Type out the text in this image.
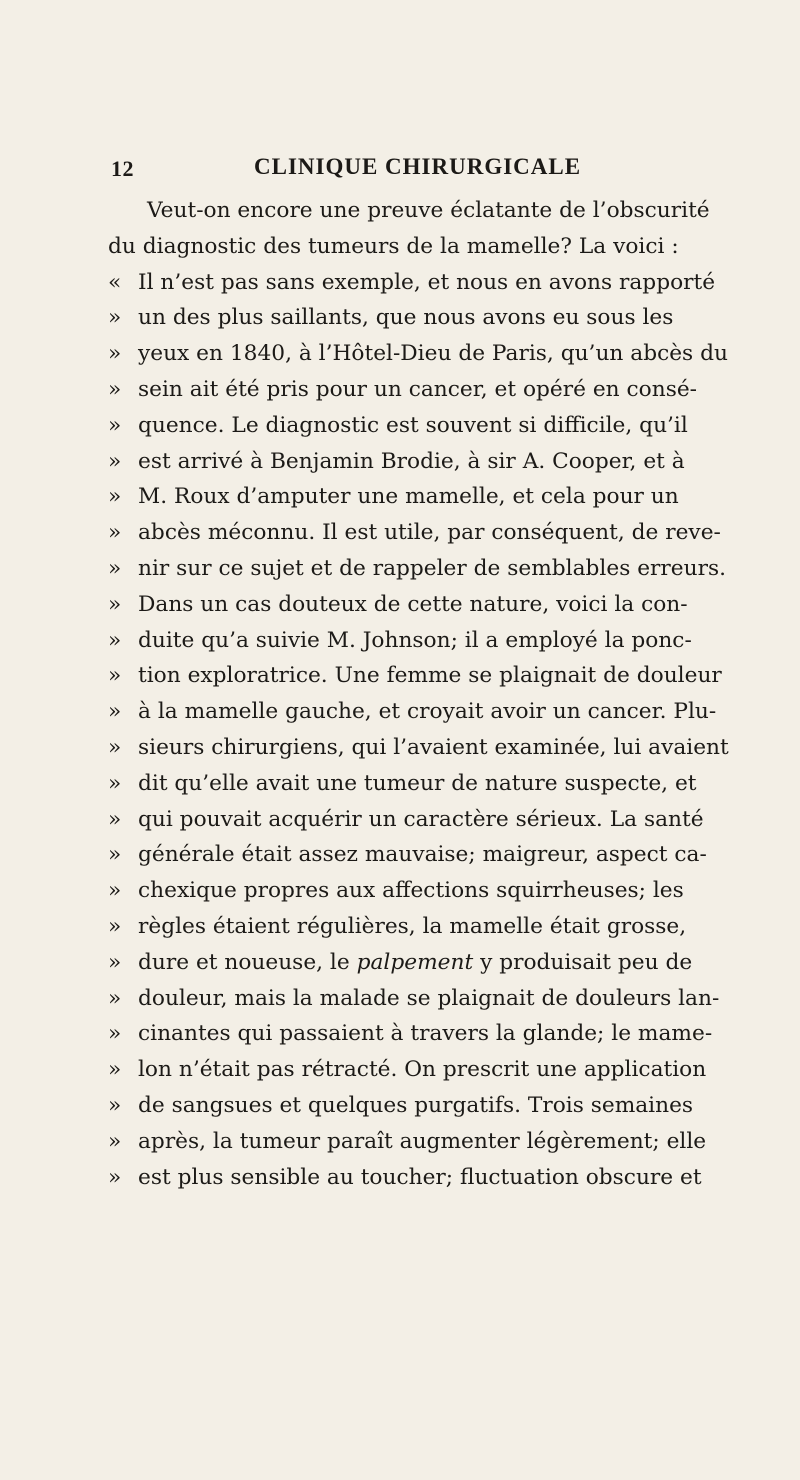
12	CLINIQUE CHIRURGICALE
Veut-on encore une preuve éclatante de l’obscurité
du diagnostic des tumeurs de la mamelle? La voici :
« Il n’est pas sans exemple, et nous en avons rapporté
» un des plus saillants, que nous avons eu sous les
» yeux en 1840, à l’Hôtel-Dieu de Paris, qu’un abcès du
» sein ait été pris pour un cancer, et opéré en consé-
» quence. Le diagnostic est souvent si difficile, qu’il
» est arrivé à Benjamin Brodie, à sir A. Cooper, et à
» M. Roux d’amputer une mamelle, et cela pour un
» abcès méconnu. Il est utile, par conséquent, de reve-
» nir sur ce sujet et de rappeler de semblables erreurs.
» Dans un cas douteux de cette nature, voici la con-
» duite qu’a suivie M. Johnson; il a employé la ponc-
» tion exploratrice. Une femme se plaignait de douleur
» à la mamelle gauche, et croyait avoir un cancer. Plu-
» sieurs chirurgiens, qui l’avaient examinée, lui avaient
» dit qu’elle avait une tumeur de nature suspecte, et
» qui pouvait acquérir un caractère sérieux. La santé
» générale était assez mauvaise; maigreur, aspect ca-
» chexique propres aux affections squirrheuses; les
» règles étaient régulières, la mamelle était grosse,
» dure et noueuse, le palpement y produisait peu de
» douleur, mais la malade se plaignait de douleurs lan-
» cinantes qui passaient à travers la glande; le mame-
» lon n’était pas rétracté. On prescrit une application
» de sangsues et quelques purgatifs. Trois semaines
» après, la tumeur paraît augmenter légèrement; elle
» est plus sensible au toucher; fluctuation obscure et
